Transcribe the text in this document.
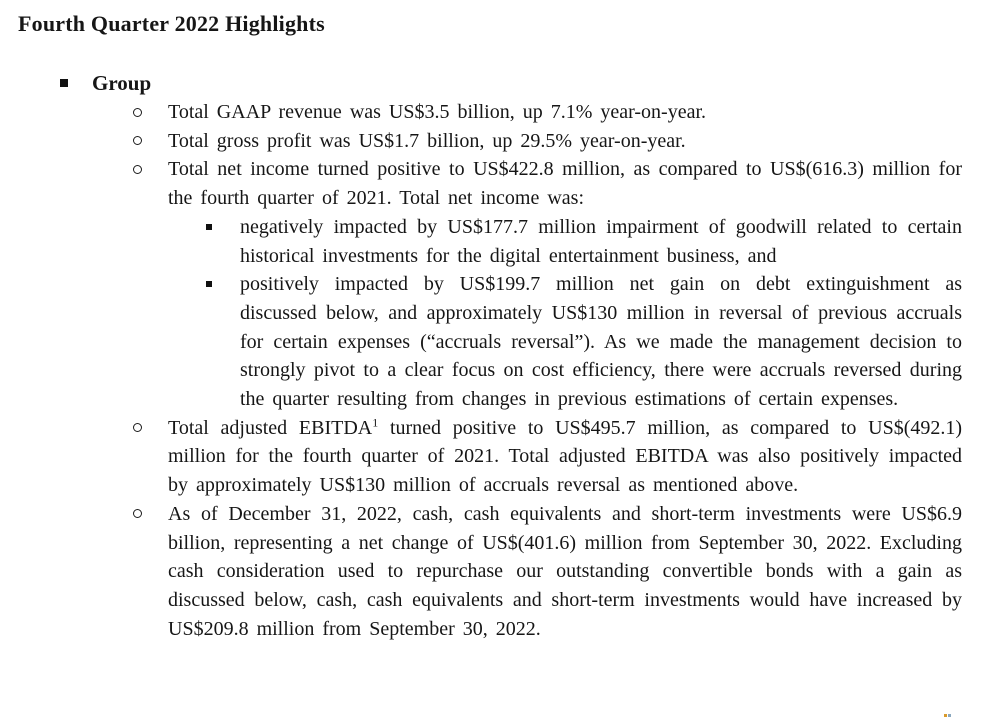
Fourth Quarter 2022 Highlights
Group

Total GAAP revenue was US$3.5 billion, up 7.1% year-on-year.

Total gross profit was US$1.7 billion, up 29.5% year-on-year.

Total net income turned positive to US$422.8 million, as compared to US$(616.3) million for the fourth quarter of 2021. Total net income was:

negatively impacted by US$177.7 million impairment of goodwill related to certain historical investments for the digital entertainment business, and

positively impacted by US$199.7 million net gain on debt extinguishment as discussed below, and approximately US$130 million in reversal of previous accruals for certain expenses (“accruals reversal”). As we made the management decision to strongly pivot to a clear focus on cost efficiency, there were accruals reversed during the quarter resulting from changes in previous estimations of certain expenses.

Total adjusted EBITDA$^1$ turned positive to US$495.7 million, as compared to US$(492.1) million for the fourth quarter of 2021. Total adjusted EBITDA was also positively impacted by approximately US$130 million of accruals reversal as mentioned above.

As of December 31, 2022, cash, cash equivalents and short-term investments were US$6.9 billion, representing a net change of US$(401.6) million from September 30, 2022. Excluding cash consideration used to repurchase our outstanding convertible bonds with a gain as discussed below, cash, cash equivalents and short-term investments would have increased by US$209.8 million from September 30, 2022.
